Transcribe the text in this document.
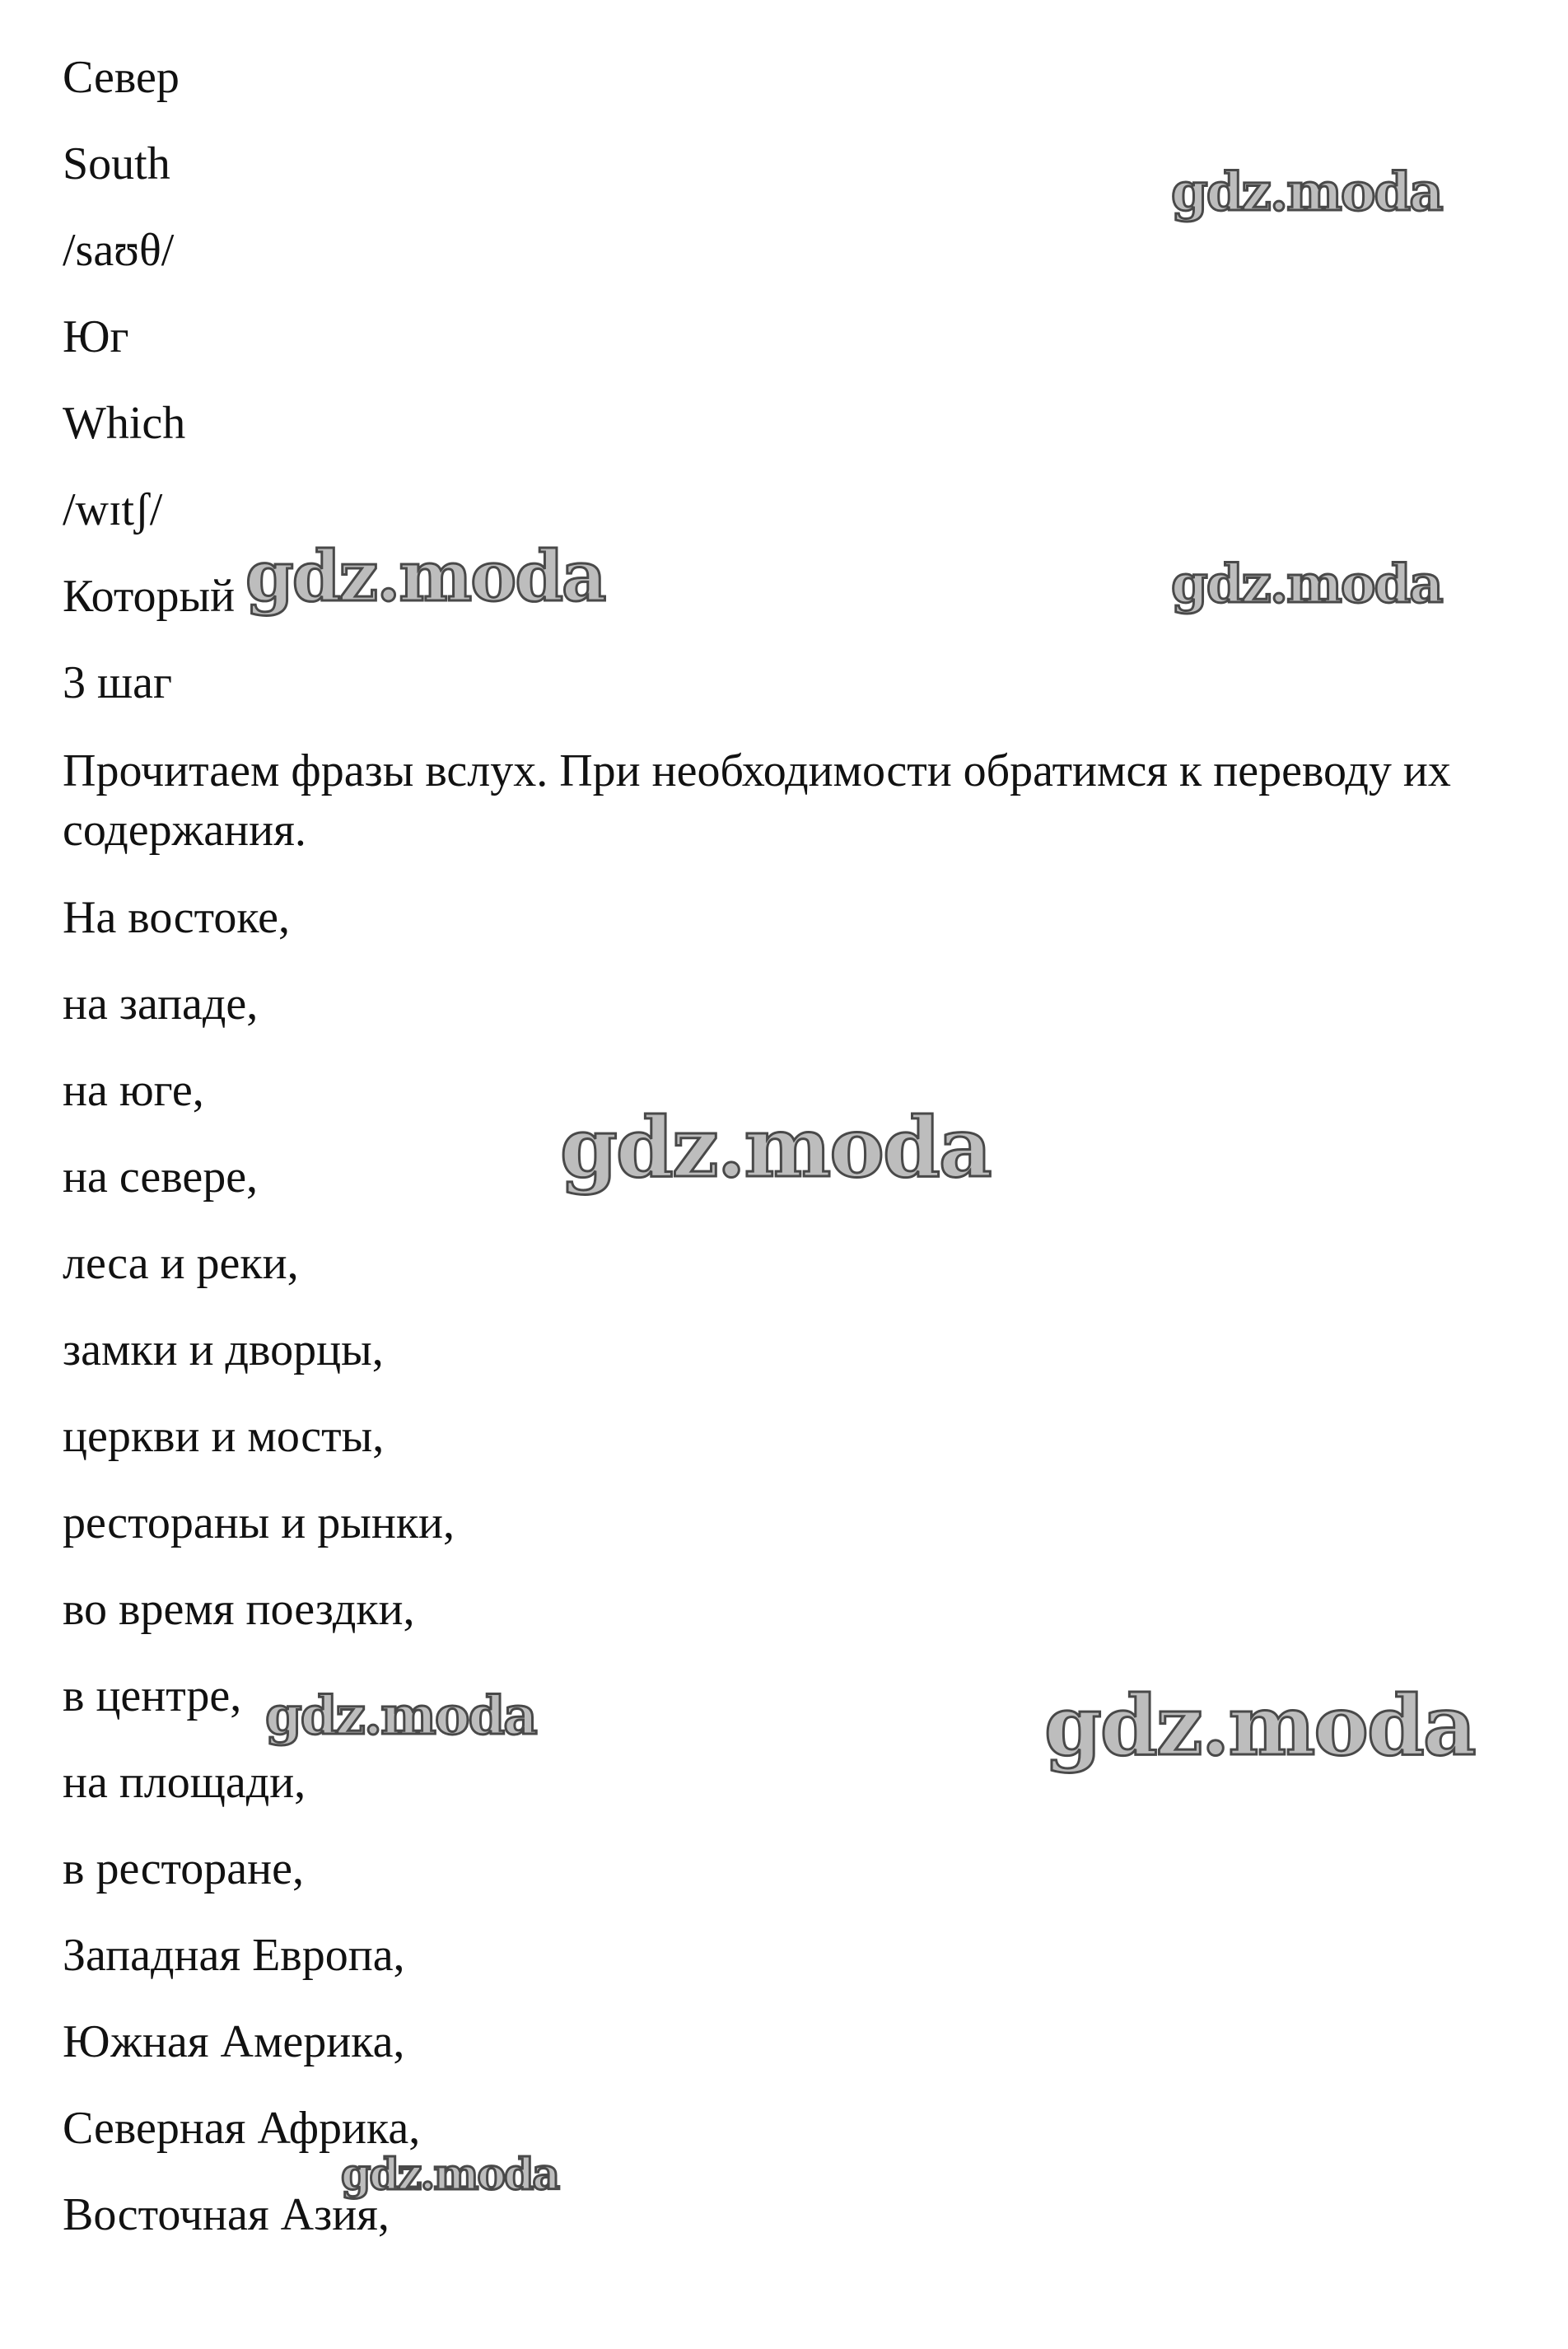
Север
South
/saʊθ/
Юг
Which
/wɪtʃ/
Который
3 шаг
Прочитаем фразы вслух. При необходимости обратимся к переводу их содержания.
На востоке,
на западе,
на юге,
на севере,
леса и реки,
замки и дворцы,
церкви и мосты,
рестораны и рынки,
во время поездки,
в центре,
на площади,
в ресторане,
Западная Европа,
Южная Америка,
Северная Африка,
Восточная Азия,
gdz.moda
gdz.moda	gdz.moda
gdz.moda
gdz.moda	gdz.moda
gdz.moda
